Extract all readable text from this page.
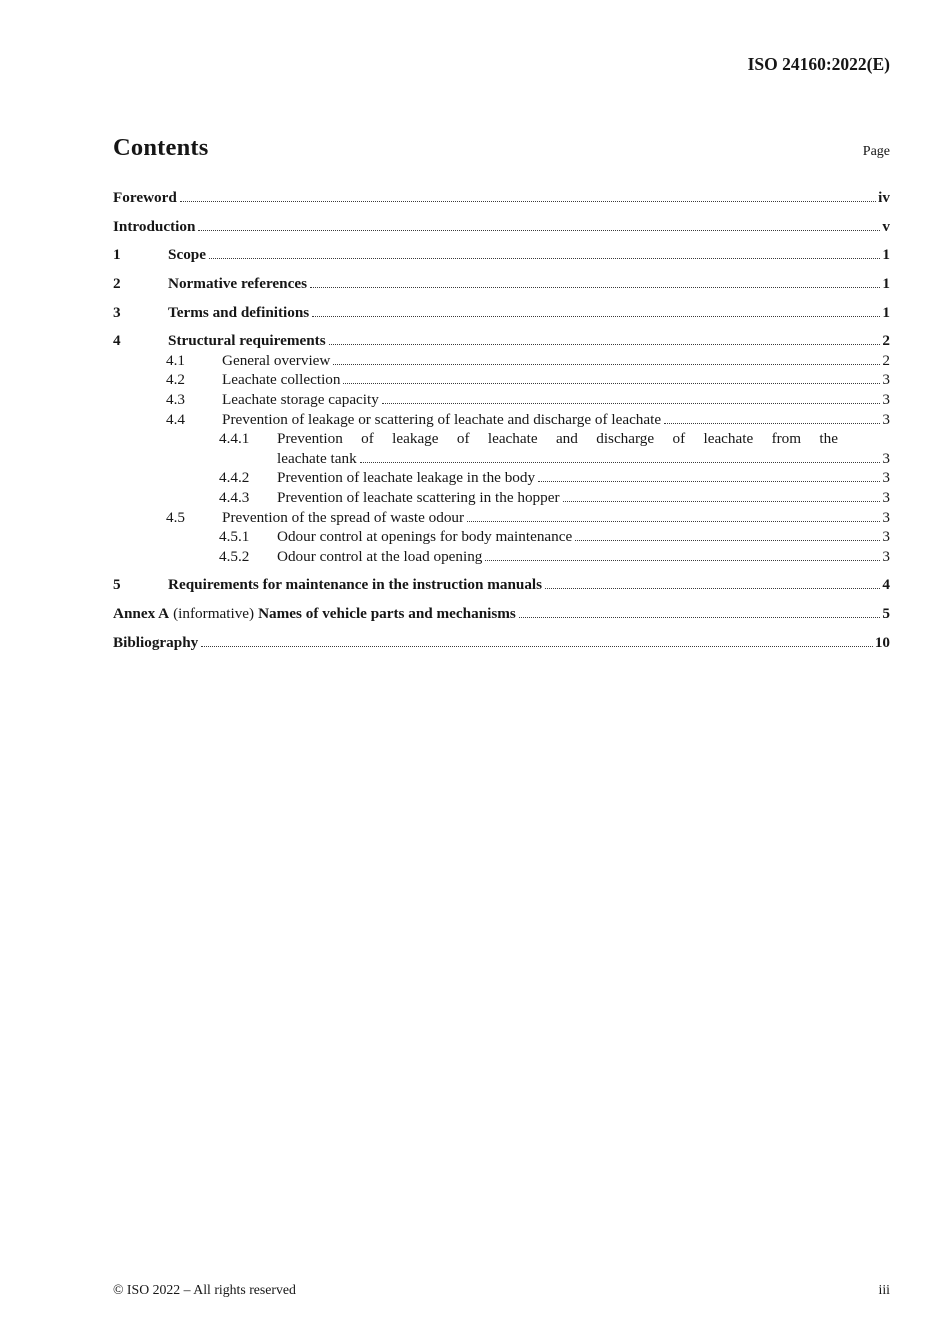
ISO 24160:2022(E)
Contents	Page
Foreword	iv
Introduction	v
1	Scope	1
2	Normative references	1
3	Terms and definitions	1
4	Structural requirements	2
4.1	General overview	2
4.2	Leachate collection	3
4.3	Leachate storage capacity	3
4.4	Prevention of leakage or scattering of leachate and discharge of leachate	3
4.4.1	Prevention of leakage of leachate and discharge of leachate from the
leachate tank	3
4.4.2	Prevention of leachate leakage in the body	3
4.4.3	Prevention of leachate scattering in the hopper	3
4.5	Prevention of the spread of waste odour	3
4.5.1	Odour control at openings for body maintenance	3
4.5.2	Odour control at the load opening	3
5	Requirements for maintenance in the instruction manuals	4
Annex A (informative) Names of vehicle parts and mechanisms	5
Bibliography	10
© ISO 2022 – All rights reserved	iii
